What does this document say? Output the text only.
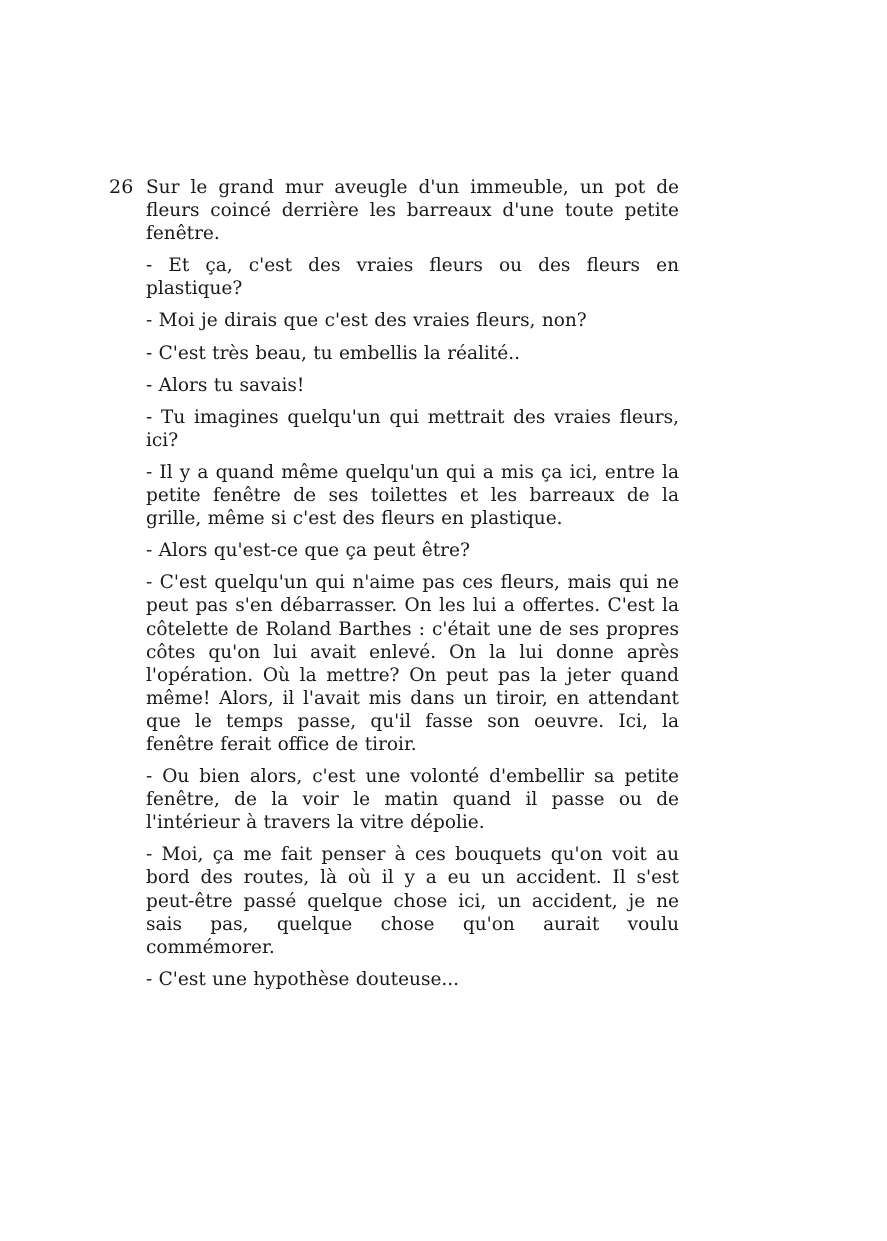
26 Sur le grand mur aveugle d'un immeuble, un pot de fleurs coincé derrière les barreaux d'une toute petite fenêtre.

- Et ça, c'est des vraies fleurs ou des fleurs en plastique?

- Moi je dirais que c'est des vraies fleurs, non?

- C'est très beau, tu embellis la réalité..

- Alors tu savais!

- Tu imagines quelqu'un qui mettrait des vraies fleurs, ici?

- Il y a quand même quelqu'un qui a mis ça ici, entre la petite fenêtre de ses toilettes et les barreaux de la grille, même si c'est des fleurs en plastique.

- Alors qu'est-ce que ça peut être?

- C'est quelqu'un qui n'aime pas ces fleurs, mais qui ne peut pas s'en débarrasser. On les lui a offertes. C'est la côtelette de Roland Barthes : c'était une de ses propres côtes qu'on lui avait enlevé. On la lui donne après l'opération. Où la mettre? On peut pas la jeter quand même! Alors, il l'avait mis dans un tiroir, en attendant que le temps passe, qu'il fasse son oeuvre. Ici, la fenêtre ferait office de tiroir.

- Ou bien alors, c'est une volonté d'embellir sa petite fenêtre, de la voir le matin quand il passe ou de l'intérieur à travers la vitre dépolie.

- Moi, ça me fait penser à ces bouquets qu'on voit au bord des routes, là où il y a eu un accident. Il s'est peut-être passé quelque chose ici, un accident, je ne sais pas, quelque chose qu'on aurait voulu commémorer.

- C'est une hypothèse douteuse...
